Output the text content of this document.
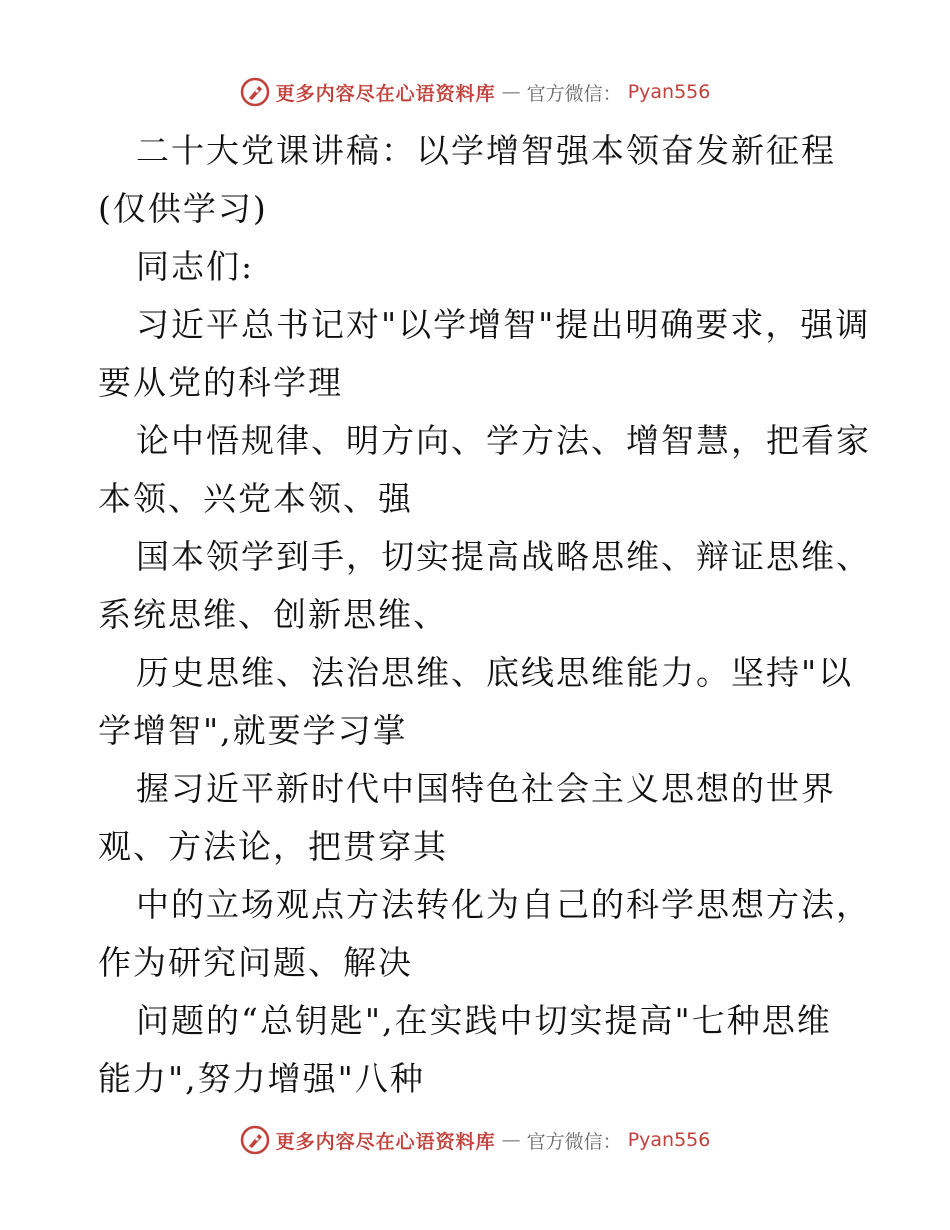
更多内容尽在心语资料库 — 官方微信： Pyan556

二十大党课讲稿：以学增智强本领奋发新征程

(仅供学习)

同志们:

习近平总书记对"以学增智"提出明确要求，强调

要从党的科学理

论中悟规律、明方向、学方法、增智慧，把看家

本领、兴党本领、强

国本领学到手，切实提高战略思维、辩证思维、

系统思维、创新思维、

历史思维、法治思维、底线思维能力。坚持"以

学增智",就要学习掌

握习近平新时代中国特色社会主义思想的世界

观、方法论，把贯穿其

中的立场观点方法转化为自己的科学思想方法，

作为研究问题、解决

问题的“总钥匙",在实践中切实提高"七种思维

能力",努力增强"八种

更多内容尽在心语资料库 — 官方微信： Pyan556
